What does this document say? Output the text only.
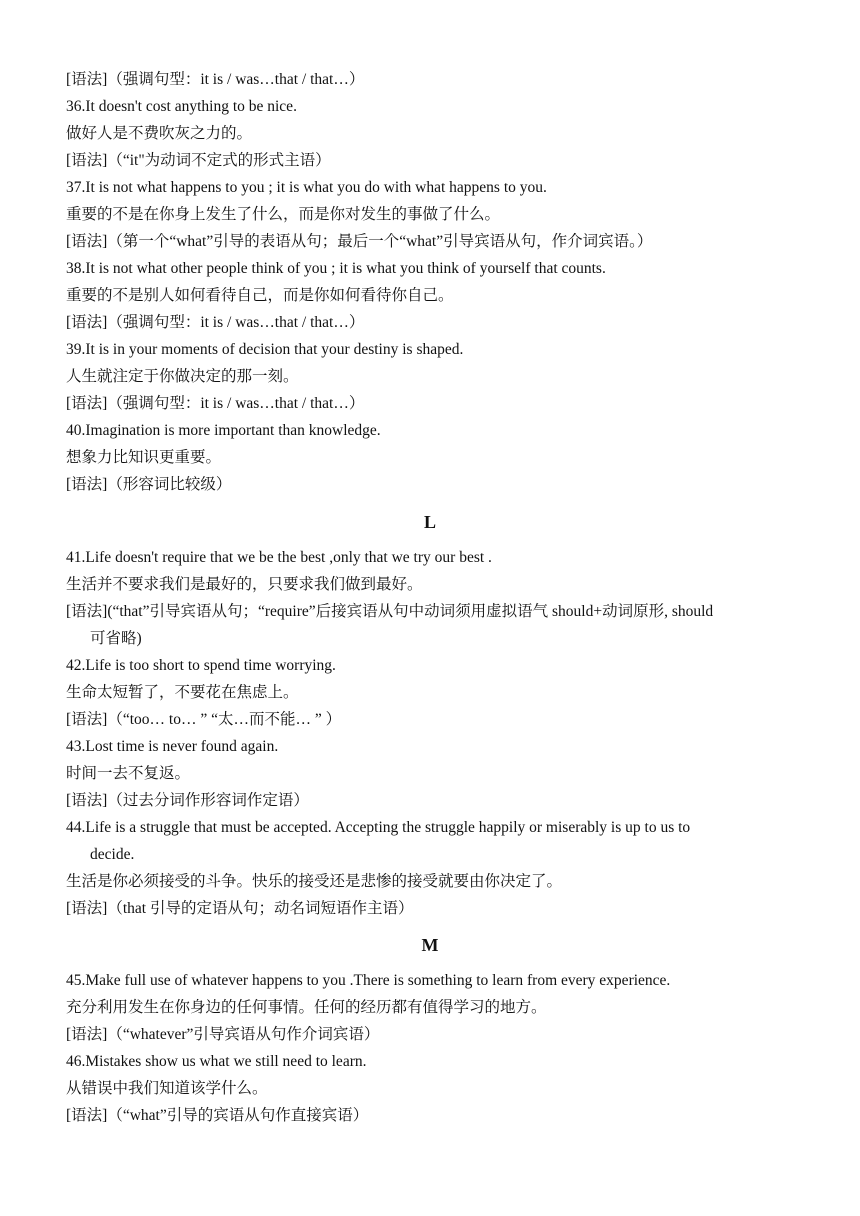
[语法]（强调句型：it is / was…that / that…）
36.It doesn't cost anything to be nice.
做好人是不费吹灰之力的。
[语法]（“it"为动词不定式的形式主语）
37.It is not what happens to you ; it is what you do with what happens to you.
重要的不是在你身上发生了什么，而是你对发生的事做了什么。
[语法]（第一个“what”引导的表语从句；最后一个“what”引导宾语从句，作介词宾语。）
38.It is not what other people think of you ; it is what you think of yourself that counts.
重要的不是别人如何看待自己，而是你如何看待你自己。
[语法]（强调句型：it is / was…that / that…）
39.It is in your moments of decision that your destiny is shaped.
人生就注定于你做决定的那一刻。
[语法]（强调句型：it is / was…that / that…）
40.Imagination is more important than knowledge.
想象力比知识更重要。
[语法]（形容词比较级）
L
41.Life doesn't require that we be the best ,only that we try our best .
生活并不要求我们是最好的，只要求我们做到最好。
[语法](“that”引导宾语从句；“require”后接宾语从句中动词须用虚拟语气 should+动词原形, should
可省略)
42.Life is too short to spend time worrying.
生命太短暂了，不要花在焦虑上。
[语法]（“too… to… ” “太…而不能… ” ）
43.Lost time is never found again.
时间一去不复返。
[语法]（过去分词作形容词作定语）
44.Life is a struggle that must be accepted. Accepting the struggle happily or miserably is up to us to
decide.
生活是你必须接受的斗争。快乐的接受还是悲惨的接受就要由你决定了。
[语法]（that 引导的定语从句；动名词短语作主语）
M
45.Make full use of whatever happens to you .There is something to learn from every experience.
充分利用发生在你身边的任何事情。任何的经历都有值得学习的地方。
[语法]（“whatever”引导宾语从句作介词宾语）
46.Mistakes show us what we still need to learn.
从错误中我们知道该学什么。
[语法]（“what”引导的宾语从句作直接宾语）
